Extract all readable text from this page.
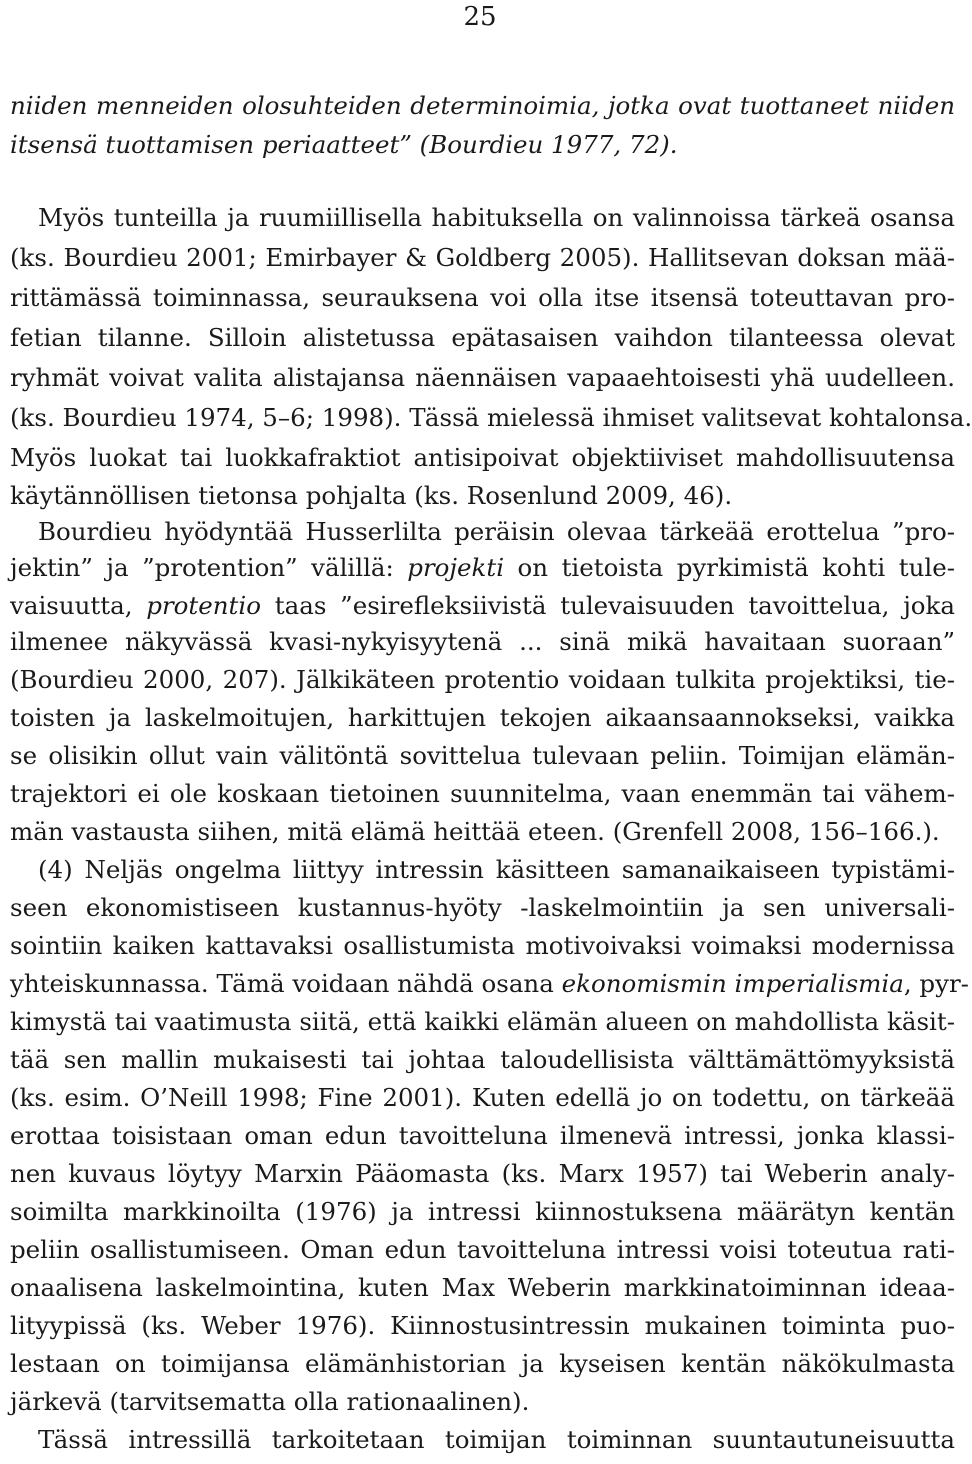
25
niiden menneiden olosuhteiden determinoimia, jotka ovat tuottaneet niiden
itsensä tuottamisen periaatteet” (Bourdieu 1977, 72).
Myös tunteilla ja ruumiillisella habituksella on valinnoissa tärkeä osansa
(ks. Bourdieu 2001; Emirbayer & Goldberg 2005). Hallitsevan doksan mää-
rittämässä toiminnassa, seurauksena voi olla itse itsensä toteuttavan pro-
fetian tilanne. Silloin alistetussa epätasaisen vaihdon tilanteessa olevat
ryhmät voivat valita alistajansa näennäisen vapaaehtoisesti yhä uudelleen.
(ks. Bourdieu 1974, 5–6; 1998). Tässä mielessä ihmiset valitsevat kohtalonsa.
Myös luokat tai luokkafraktiot antisipoivat objektiiviset mahdollisuutensa
käytännöllisen tietonsa pohjalta (ks. Rosenlund 2009, 46).
Bourdieu hyödyntää Husserlilta peräisin olevaa tärkeää erottelua ”pro-
jektin” ja ”protention” välillä: projekti on tietoista pyrkimistä kohti tule-
vaisuutta, protentio taas ”esirefleksiivistä tulevaisuuden tavoittelua, joka
ilmenee näkyvässä kvasi-nykyisyytenä ... sinä mikä havaitaan suoraan”
(Bourdieu 2000, 207). Jälkikäteen protentio voidaan tulkita projektiksi, tie-
toisten ja laskelmoitujen, harkittujen tekojen aikaansaannokseksi, vaikka
se olisikin ollut vain välitöntä sovittelua tulevaan peliin. Toimijan elämän-
trajektori ei ole koskaan tietoinen suunnitelma, vaan enemmän tai vähem-
män vastausta siihen, mitä elämä heittää eteen. (Grenfell 2008, 156–166.).
(4) Neljäs ongelma liittyy intressin käsitteen samanaikaiseen typistämi-
seen ekonomistiseen kustannus-hyöty -laskelmointiin ja sen universali-
sointiin kaiken kattavaksi osallistumista motivoivaksi voimaksi modernissa
yhteiskunnassa. Tämä voidaan nähdä osana ekonomismin imperialismia, pyr-
kimystä tai vaatimusta siitä, että kaikki elämän alueen on mahdollista käsit-
tää sen mallin mukaisesti tai johtaa taloudellisista välttämättömyyksistä
(ks. esim. O’Neill 1998; Fine 2001). Kuten edellä jo on todettu, on tärkeää
erottaa toisistaan oman edun tavoitteluna ilmenevä intressi, jonka klassi-
nen kuvaus löytyy Marxin Pääomasta (ks. Marx 1957) tai Weberin analy-
soimilta markkinoilta (1976) ja intressi kiinnostuksena määrätyn kentän
peliin osallistumiseen. Oman edun tavoitteluna intressi voisi toteutua rati-
onaalisena laskelmointina, kuten Max Weberin markkinatoiminnan ideaa-
lityypissä (ks. Weber 1976). Kiinnostusintressin mukainen toiminta puo-
lestaan on toimijansa elämänhistorian ja kyseisen kentän näkökulmasta
järkevä (tarvitsematta olla rationaalinen).
Tässä intressillä tarkoitetaan toimijan toiminnan suuntautuneisuutta
